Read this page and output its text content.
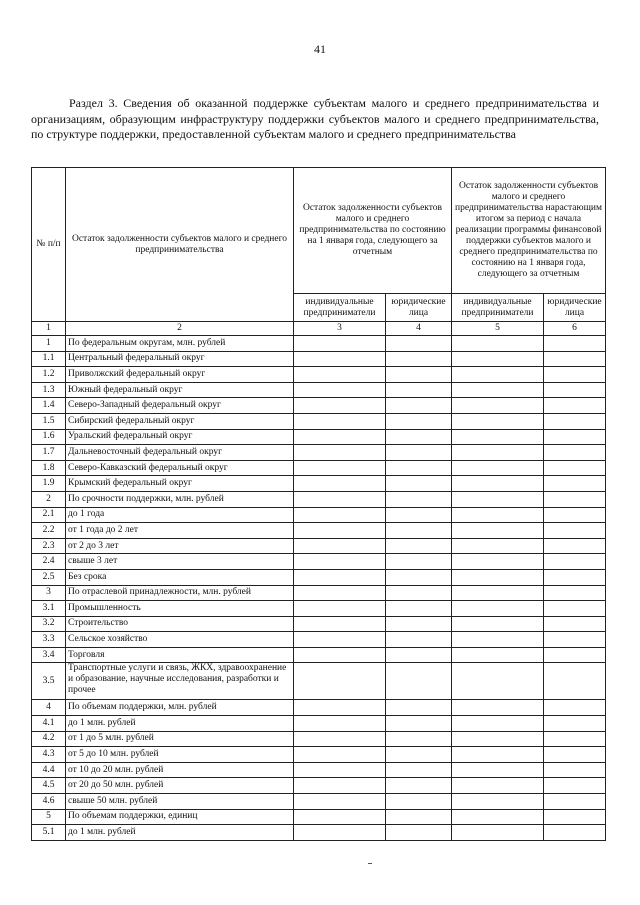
41
Раздел 3. Сведения об оказанной поддержке субъектам малого и среднего предпринимательства и организациям, образующим инфраструктуру поддержки субъектов малого и среднего предпринимательства, по структуре поддержки, предоставленной субъектам малого и среднего предпринимательства
№ п/п	Остаток задолженности субъектов малого и среднего предпринимательства	Остаток задолженности субъектов малого и среднего предпринимательства по состоянию на 1 января года, следующего за отчетным		Остаток задолженности субъектов малого и среднего предпринимательства нарастающим итогом за период с начала реализации программы финансовой поддержки субъектов малого и среднего предпринимательства по состоянию на 1 января года, следующего за отчетным	
		индивидуальные предприниматели	юридические лица	индивидуальные предприниматели	юридические лица
1	2	3	4	5	6
1	По федеральным округам, млн. рублей				
1.1	Центральный федеральный округ				
1.2	Приволжский федеральный округ				
1.3	Южный федеральный округ				
1.4	Северо-Западный федеральный округ				
1.5	Сибирский федеральный округ				
1.6	Уральский федеральный округ				
1.7	Дальневосточный федеральный округ				
1.8	Северо-Кавказский федеральный округ				
1.9	Крымский федеральный округ				
2	По срочности поддержки, млн. рублей				
2.1	до 1 года				
2.2	от 1 года до 2 лет				
2.3	от 2 до 3 лет				
2.4	свыше 3 лет				
2.5	Без срока				
3	По отраслевой принадлежности, млн. рублей				
3.1	Промышленность				
3.2	Строительство				
3.3	Сельское хозяйство				
3.4	Торговля				
3.5	Транспортные услуги и связь, ЖКХ, здравоохранение и образование, научные исследования, разработки и прочее				
4	По объемам поддержки, млн. рублей				
4.1	до 1 млн. рублей				
4.2	от 1 до 5 млн. рублей				
4.3	от 5 до 10 млн. рублей				
4.4	от 10 до 20 млн. рублей				
4.5	от 20 до 50 млн. рублей				
4.6	свыше 50 млн. рублей				
5	По объемам поддержки, единиц				
5.1	до 1 млн. рублей				
